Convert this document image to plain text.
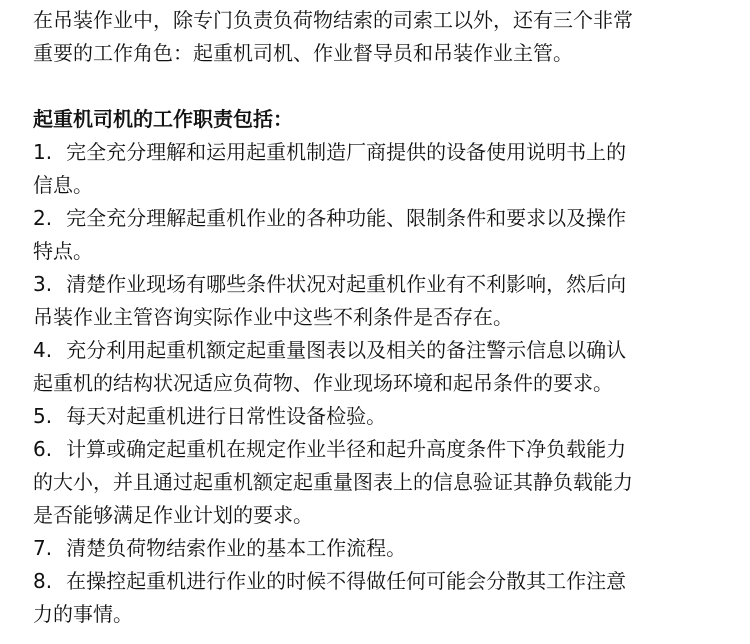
在吊装作业中，除专门负责负荷物结索的司索工以外，还有三个非常
重要的工作角色：起重机司机、作业督导员和吊装作业主管。

起重机司机的工作职责包括：

1. 完全充分理解和运用起重机制造厂商提供的设备使用说明书上的
信息。
2. 完全充分理解起重机作业的各种功能、限制条件和要求以及操作
特点。
3. 清楚作业现场有哪些条件状况对起重机作业有不利影响，然后向
吊装作业主管咨询实际作业中这些不利条件是否存在。
4. 充分利用起重机额定起重量图表以及相关的备注警示信息以确认
起重机的结构状况适应负荷物、作业现场环境和起吊条件的要求。
5. 每天对起重机进行日常性设备检验。
6. 计算或确定起重机在规定作业半径和起升高度条件下净负载能力
的大小，并且通过起重机额定起重量图表上的信息验证其静负载能力
是否能够满足作业计划的要求。
7. 清楚负荷物结索作业的基本工作流程。
8. 在操控起重机进行作业的时候不得做任何可能会分散其工作注意
力的事情。
